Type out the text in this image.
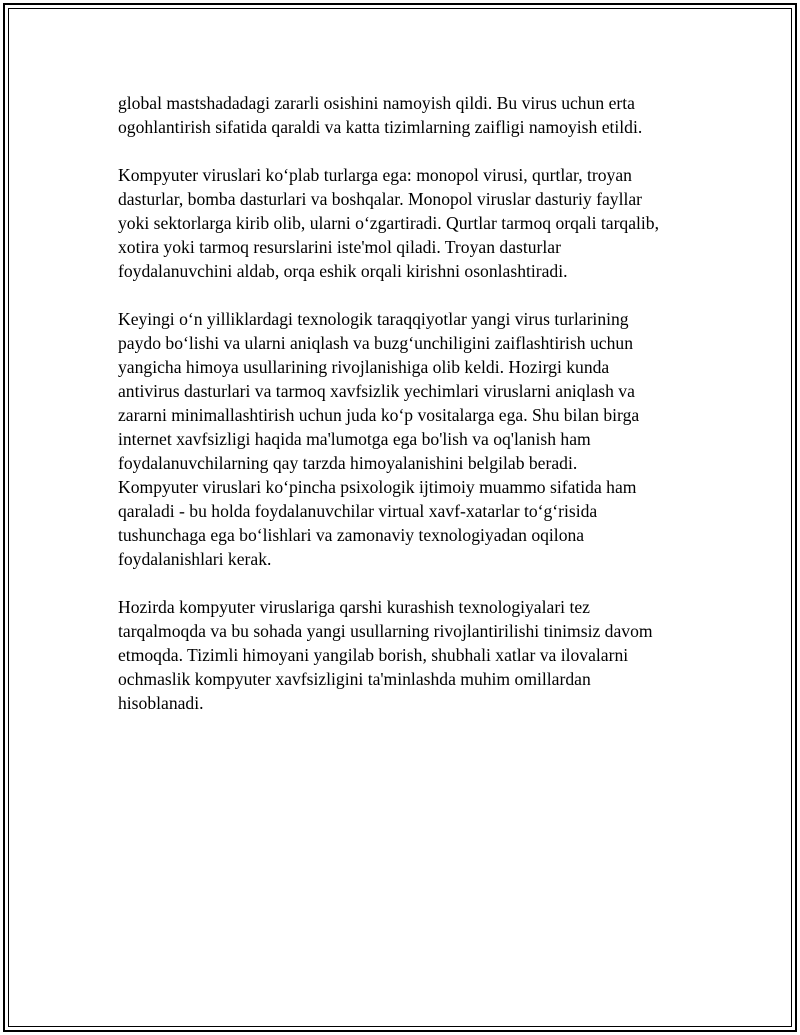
global mastshadadagi zararli osishini namoyish qildi. Bu virus uchun erta
ogohlantirish sifatida qaraldi va katta tizimlarning zaifligi namoyish etildi.

Kompyuter viruslari ko‘plab turlarga ega: monopol virusi, qurtlar, troyan
dasturlar, bomba dasturlari va boshqalar. Monopol viruslar dasturiy fayllar
yoki sektorlarga kirib olib, ularni o‘zgartiradi. Qurtlar tarmoq orqali tarqalib,
xotira yoki tarmoq resurslarini iste'mol qiladi. Troyan dasturlar
foydalanuvchini aldab, orqa eshik orqali kirishni osonlashtiradi.

Keyingi o‘n yilliklardagi texnologik taraqqiyotlar yangi virus turlarining
paydo bo‘lishi va ularni aniqlash va buzg‘unchiligini zaiflashtirish uchun
yangicha himoya usullarining rivojlanishiga olib keldi. Hozirgi kunda
antivirus dasturlari va tarmoq xavfsizlik yechimlari viruslarni aniqlash va
zararni minimallashtirish uchun juda ko‘p vositalarga ega. Shu bilan birga
internet xavfsizligi haqida ma'lumotga ega bo'lish va oq'lanish ham
foydalanuvchilarning qay tarzda himoyalanishini belgilab beradi.
Kompyuter viruslari ko‘pincha psixologik ijtimoiy muammo sifatida ham
qaraladi - bu holda foydalanuvchilar virtual xavf-xatarlar to‘g‘risida
tushunchaga ega bo‘lishlari va zamonaviy texnologiyadan oqilona
foydalanishlari kerak.

Hozirda kompyuter viruslariga qarshi kurashish texnologiyalari tez
tarqalmoqda va bu sohada yangi usullarning rivojlantirilishi tinimsiz davom
etmoqda. Tizimli himoyani yangilab borish, shubhali xatlar va ilovalarni
ochmaslik kompyuter xavfsizligini ta'minlashda muhim omillardan
hisoblanadi.
